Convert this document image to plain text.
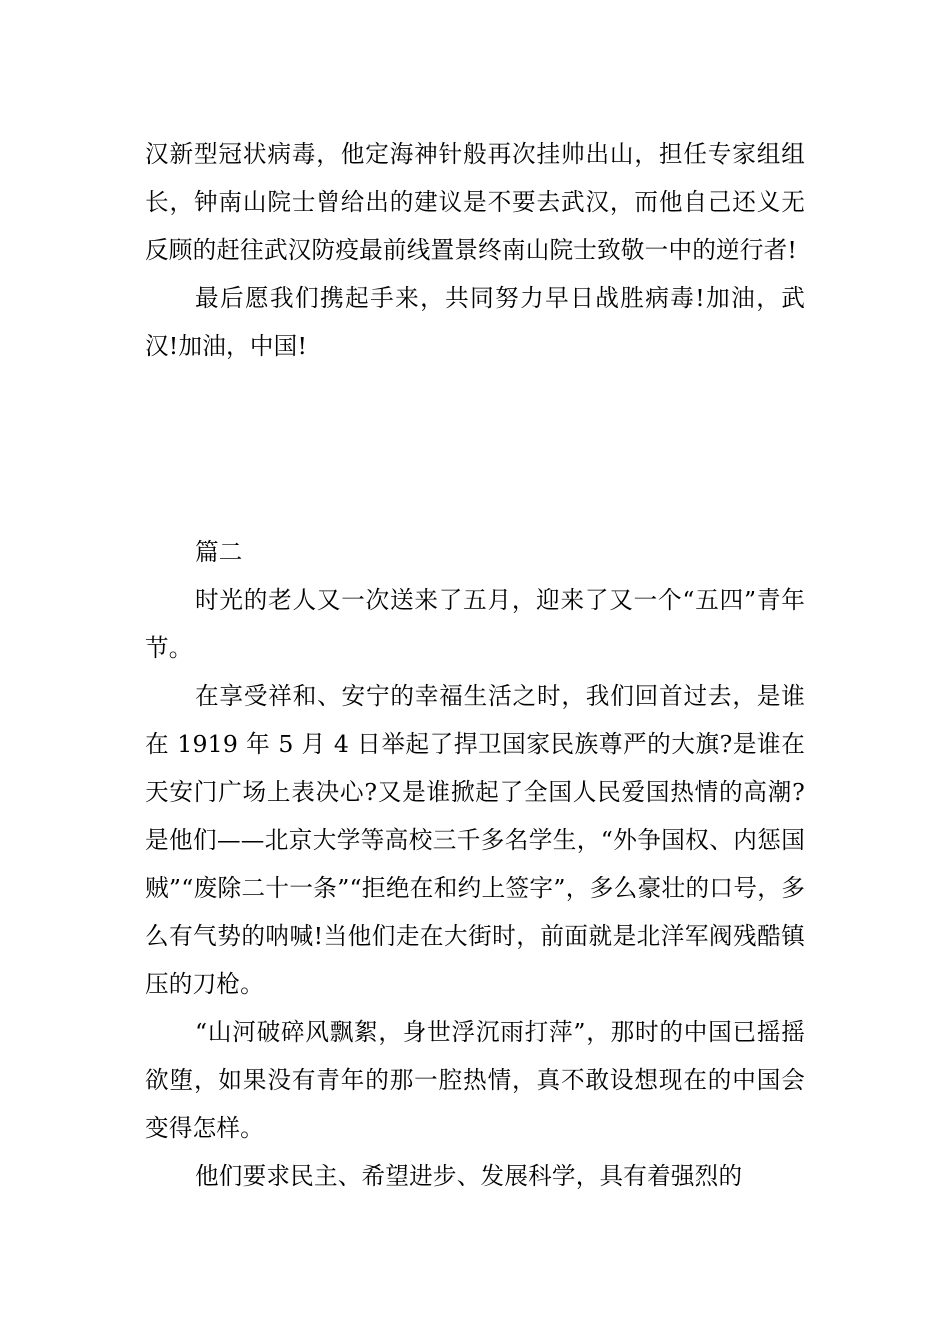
汉新型冠状病毒，他定海神针般再次挂帅出山，担任专家组组长，钟南山院士曾给出的建议是不要去武汉，而他自己还义无反顾的赶往武汉防疫最前线置景终南山院士致敬一中的逆行者!

最后愿我们携起手来，共同努力早日战胜病毒!加油，武汉!加油，中国!

篇二

时光的老人又一次送来了五月，迎来了又一个“五四”青年节。

在享受祥和、安宁的幸福生活之时，我们回首过去，是谁在 1919 年 5 月 4 日举起了捍卫国家民族尊严的大旗?是谁在天安门广场上表决心?又是谁掀起了全国人民爱国热情的高潮? 是他们——北京大学等高校三千多名学生，“外争国权、内惩国贼”“废除二十一条”“拒绝在和约上签字”，多么豪壮的口号，多么有气势的呐喊!当他们走在大街时，前面就是北洋军阀残酷镇压的刀枪。

“山河破碎风飘絮，身世浮沉雨打萍”，那时的中国已摇摇欲堕，如果没有青年的那一腔热情，真不敢设想现在的中国会变得怎样。

他们要求民主、希望进步、发展科学，具有着强烈的
